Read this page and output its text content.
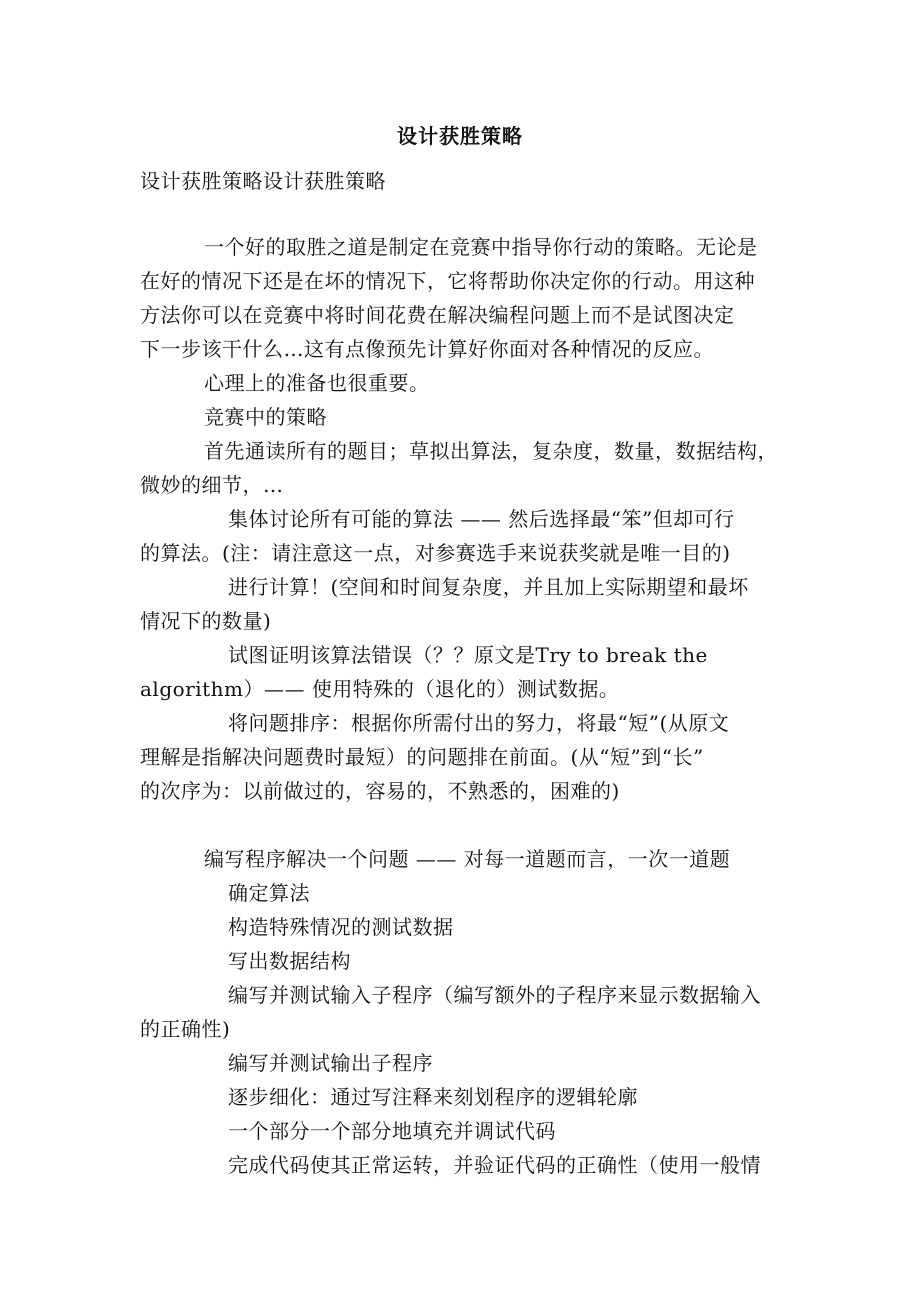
设计获胜策略
设计获胜策略设计获胜策略
一个好的取胜之道是制定在竞赛中指导你行动的策略。无论是
在好的情况下还是在坏的情况下，它将帮助你决定你的行动。用这种
方法你可以在竞赛中将时间花费在解决编程问题上而不是试图决定
下一步该干什么…这有点像预先计算好你面对各种情况的反应。
心理上的准备也很重要。
竞赛中的策略
首先通读所有的题目；草拟出算法，复杂度，数量，数据结构，
微妙的细节，…
集体讨论所有可能的算法 —— 然后选择最“笨”但却可行
的算法。(注：请注意这一点，对参赛选手来说获奖就是唯一目的)
进行计算！(空间和时间复杂度，并且加上实际期望和最坏
情况下的数量)
试图证明该算法错误（？？原文是Try to break the
algorithm）—— 使用特殊的（退化的）测试数据。
将问题排序：根据你所需付出的努力，将最“短”(从原文
理解是指解决问题费时最短）的问题排在前面。(从“短”到“长”
的次序为：以前做过的，容易的，不熟悉的，困难的)
编写程序解决一个问题 —— 对每一道题而言，一次一道题
确定算法
构造特殊情况的测试数据
写出数据结构
编写并测试输入子程序（编写额外的子程序来显示数据输入
的正确性)
编写并测试输出子程序
逐步细化：通过写注释来刻划程序的逻辑轮廓
一个部分一个部分地填充并调试代码
完成代码使其正常运转，并验证代码的正确性（使用一般情
